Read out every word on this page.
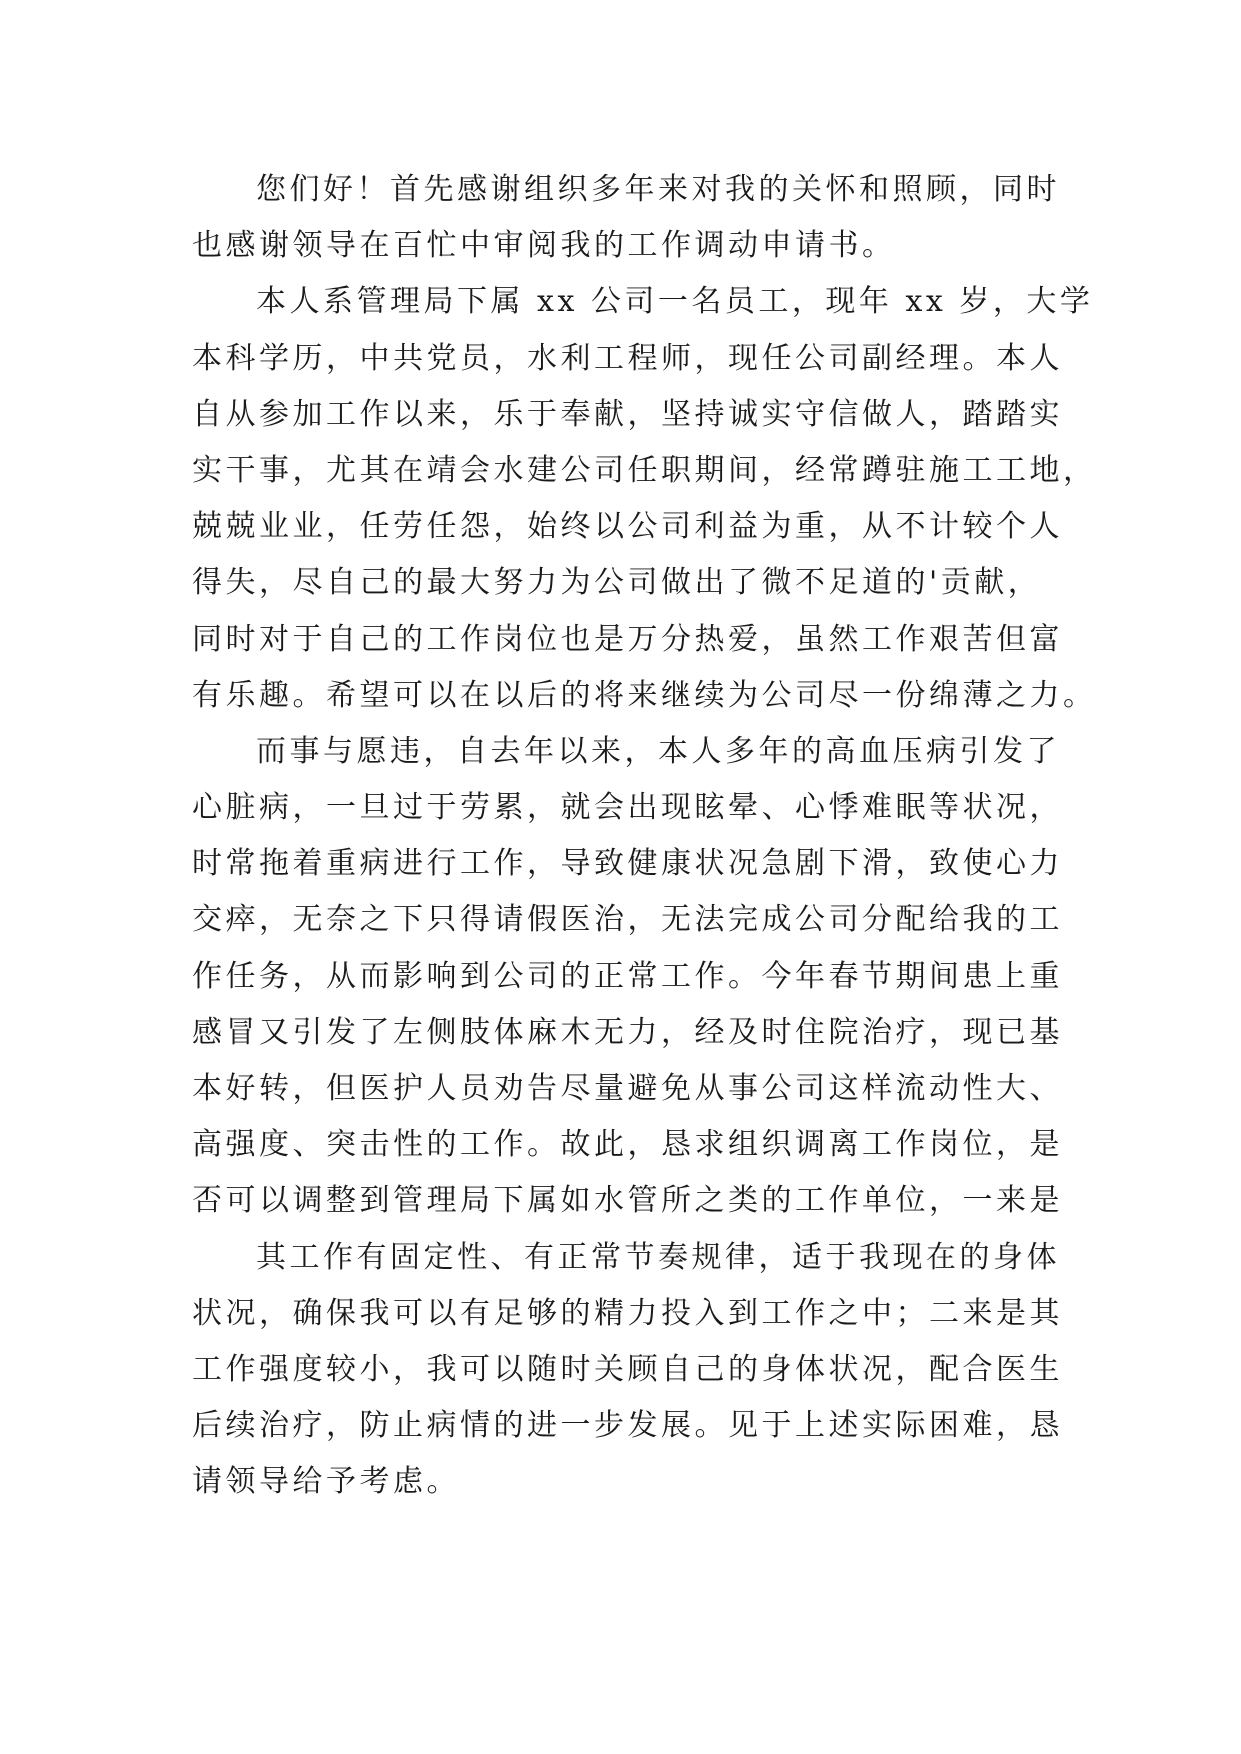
您们好！首先感谢组织多年来对我的关怀和照顾，同时
也感谢领导在百忙中审阅我的工作调动申请书。
本人系管理局下属 xx 公司一名员工，现年 xx 岁，大学
本科学历，中共党员，水利工程师，现任公司副经理。本人
自从参加工作以来，乐于奉献，坚持诚实守信做人，踏踏实
实干事，尤其在靖会水建公司任职期间，经常蹲驻施工工地，
兢兢业业，任劳任怨，始终以公司利益为重，从不计较个人
得失，尽自己的最大努力为公司做出了微不足道的'贡献，
同时对于自己的工作岗位也是万分热爱，虽然工作艰苦但富
有乐趣。希望可以在以后的将来继续为公司尽一份绵薄之力。
而事与愿违，自去年以来，本人多年的高血压病引发了
心脏病，一旦过于劳累，就会出现眩晕、心悸难眠等状况，
时常拖着重病进行工作，导致健康状况急剧下滑，致使心力
交瘁，无奈之下只得请假医治，无法完成公司分配给我的工
作任务，从而影响到公司的正常工作。今年春节期间患上重
感冒又引发了左侧肢体麻木无力，经及时住院治疗，现已基
本好转，但医护人员劝告尽量避免从事公司这样流动性大、
高强度、突击性的工作。故此，恳求组织调离工作岗位，是
否可以调整到管理局下属如水管所之类的工作单位，一来是
其工作有固定性、有正常节奏规律，适于我现在的身体
状况，确保我可以有足够的精力投入到工作之中；二来是其
工作强度较小，我可以随时关顾自己的身体状况，配合医生
后续治疗，防止病情的进一步发展。见于上述实际困难，恳
请领导给予考虑。
